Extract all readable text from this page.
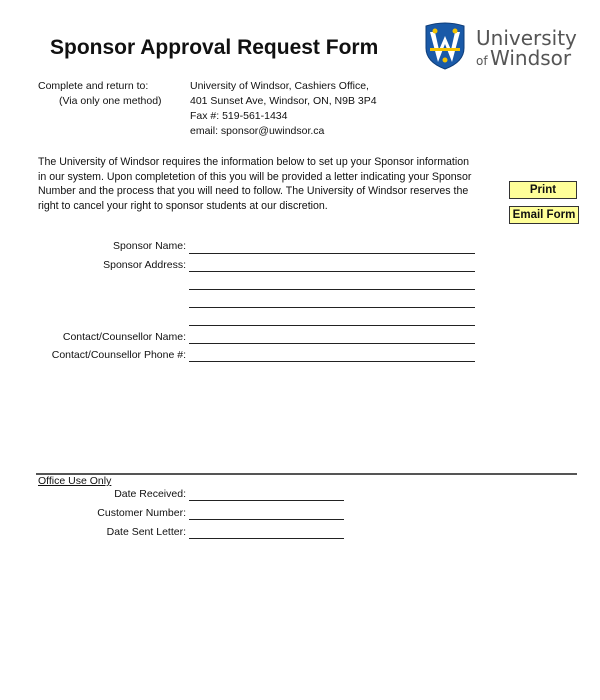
Sponsor Approval Request Form	University
of Windsor
Complete and return to:
(Via only one method)
University of Windsor, Cashiers Office,
401 Sunset Ave, Windsor, ON, N9B 3P4
Fax #: 519-561-1434
email: sponsor@uwindsor.ca
The University of Windsor requires the information below to set up your Sponsor information
in our system. Upon completetion of this you will be provided a letter indicating your Sponsor
Number and the process that you will need to follow. The University of Windsor reserves the
right to cancel your right to sponsor students at our discretion.
Print
Email Form
Sponsor Name:
Sponsor Address:
Contact/Counsellor Name:
Contact/Counsellor Phone #:
Office Use Only
Date Received:
Customer Number:
Date Sent Letter:
